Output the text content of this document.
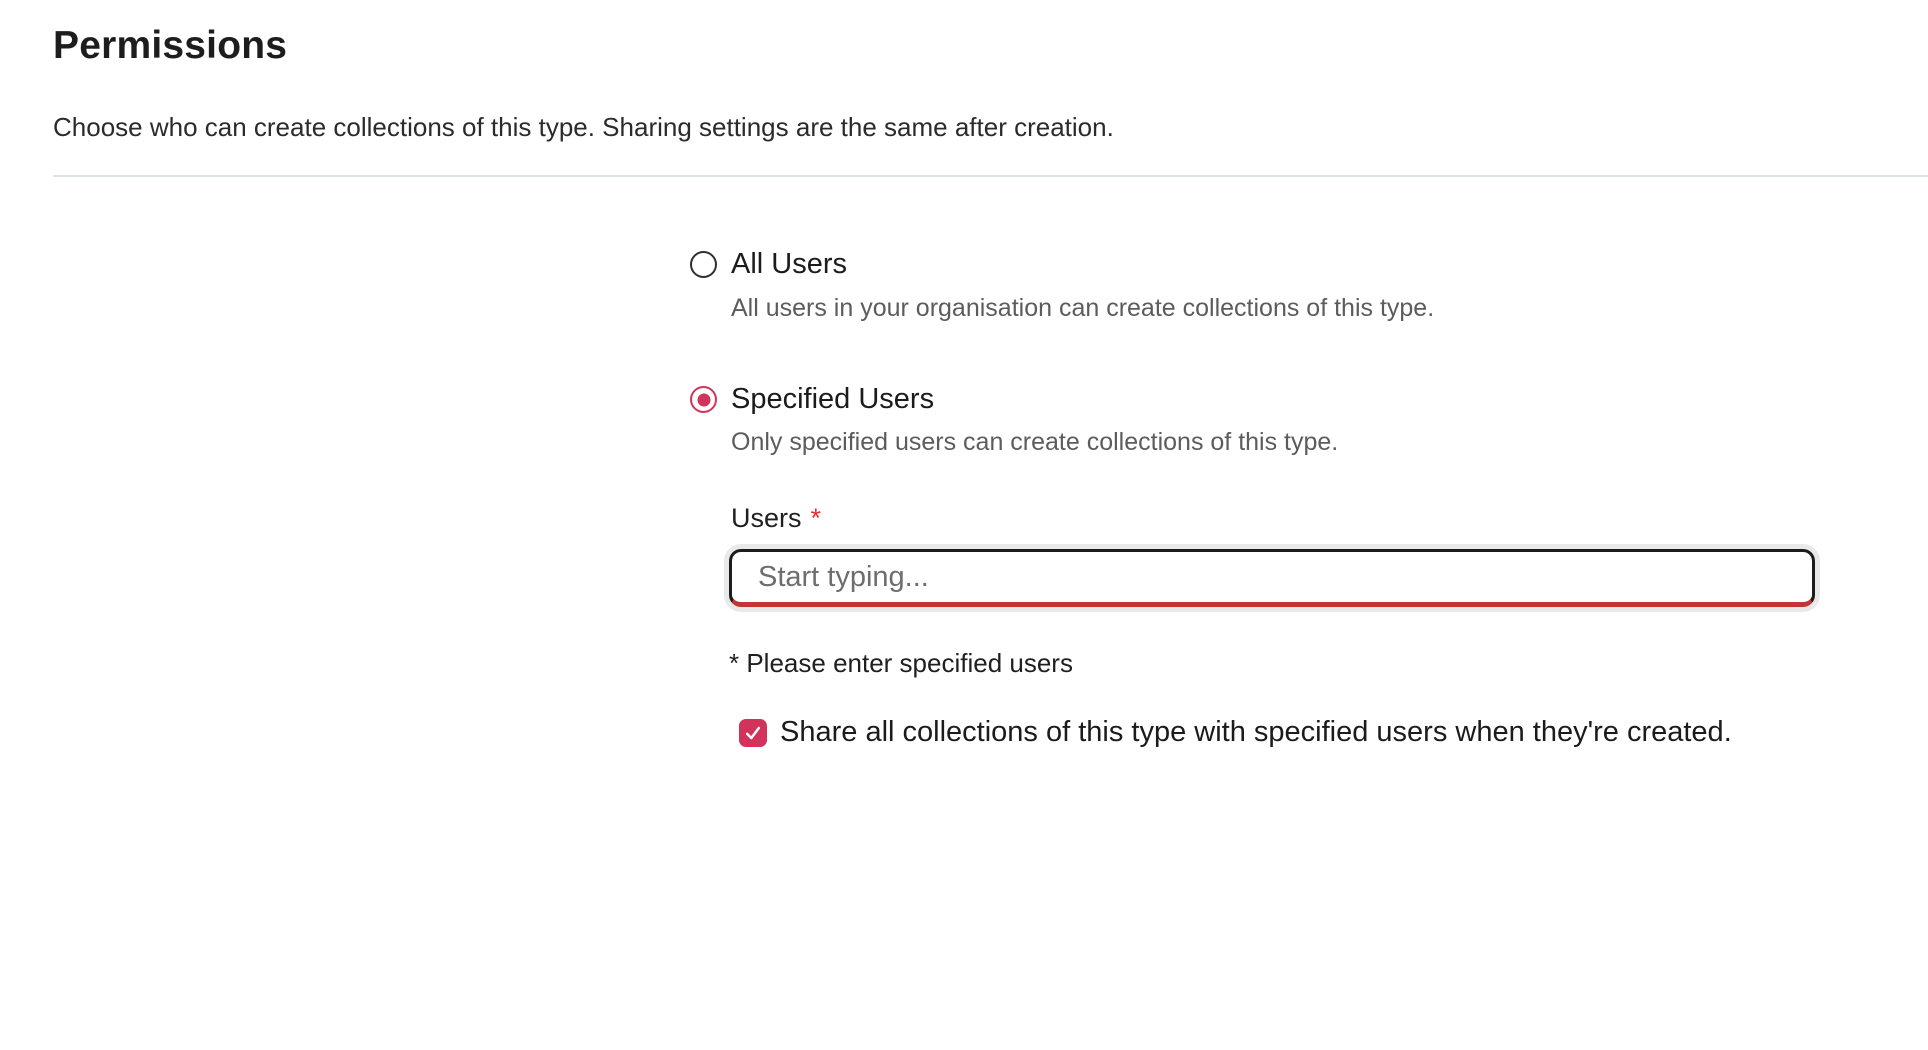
Permissions

Choose who can create collections of this type. Sharing settings are the same after creation.

All Users
All users in your organisation can create collections of this type.
Specified Users
Only specified users can create collections of this type.
Users *
Start typing...
* Please enter specified users
Share all collections of this type with specified users when they're created.
